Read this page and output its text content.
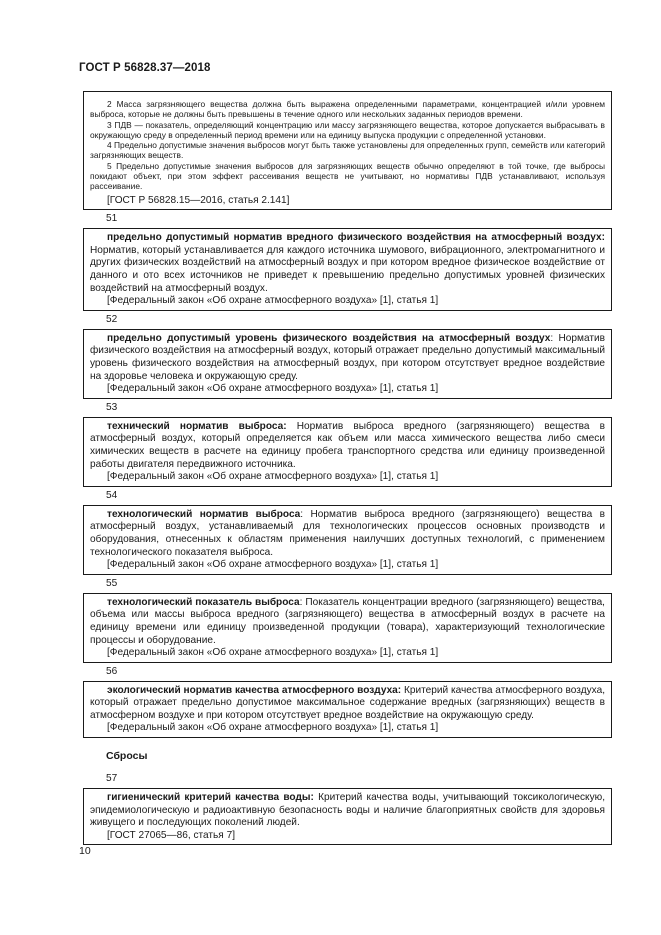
ГОСТ Р 56828.37—2018

2 Масса загрязняющего вещества должна быть выражена определенными параметрами, концентрацией и/или уровнем выброса, которые не должны быть превышены в течение одного или нескольких заданных периодов времени.

3 ПДВ — показатель, определяющий концентрацию или массу загрязняющего вещества, которое допускается выбрасывать в окружающую среду в определенный период времени или на единицу выпуска продукции с определенной установки.

4 Предельно допустимые значения выбросов могут быть также установлены для определенных групп, семейств или категорий загрязняющих веществ.

5 Предельно допустимые значения выбросов для загрязняющих веществ обычно определяют в той точке, где выбросы покидают объект, при этом эффект рассеивания веществ не учитывают, но нормативы ПДВ устанавливают, используя рассеивание.

[ГОСТ Р 56828.15—2016, статья 2.141]

51

предельно допустимый норматив вредного физического воздействия на атмосферный воздух: Норматив, который устанавливается для каждого источника шумового, вибрационного, электромагнитного и других физических воздействий на атмосферный воздух и при котором вредное физическое воздействие от данного и ото всех источников не приведет к превышению предельно допустимых уровней физических воздействий на атмосферный воздух.

[Федеральный закон «Об охране атмосферного воздуха» [1], статья 1]

52

предельно допустимый уровень физического воздействия на атмосферный воздух: Норматив физического воздействия на атмосферный воздух, который отражает предельно допустимый максимальный уровень физического воздействия на атмосферный воздух, при котором отсутствует вредное воздействие на здоровье человека и окружающую среду.

[Федеральный закон «Об охране атмосферного воздуха» [1], статья 1]

53

технический норматив выброса: Норматив выброса вредного (загрязняющего) вещества в атмосферный воздух, который определяется как объем или масса химического вещества либо смеси химических веществ в расчете на единицу пробега транспортного средства или единицу произведенной работы двигателя передвижного источника.

[Федеральный закон «Об охране атмосферного воздуха» [1], статья 1]

54

технологический норматив выброса: Норматив выброса вредного (загрязняющего) вещества в атмосферный воздух, устанавливаемый для технологических процессов основных производств и оборудования, отнесенных к областям применения наилучших доступных технологий, с применением технологического показателя выброса.

[Федеральный закон «Об охране атмосферного воздуха» [1], статья 1]

55

технологический показатель выброса: Показатель концентрации вредного (загрязняющего) вещества, объема или массы выброса вредного (загрязняющего) вещества в атмосферный воздух в расчете на единицу времени или единицу произведенной продукции (товара), характеризующий технологические процессы и оборудование.

[Федеральный закон «Об охране атмосферного воздуха» [1], статья 1]

56

экологический норматив качества атмосферного воздуха: Критерий качества атмосферного воздуха, который отражает предельно допустимое максимальное содержание вредных (загрязняющих) веществ в атмосферном воздухе и при котором отсутствует вредное воздействие на окружающую среду.

[Федеральный закон «Об охране атмосферного воздуха» [1], статья 1]

Сбросы
57

гигиенический критерий качества воды: Критерий качества воды, учитывающий токсикологическую, эпидемиологическую и радиоактивную безопасность воды и наличие благоприятных свойств для здоровья живущего и последующих поколений людей.

[ГОСТ 27065—86, статья 7]

10
